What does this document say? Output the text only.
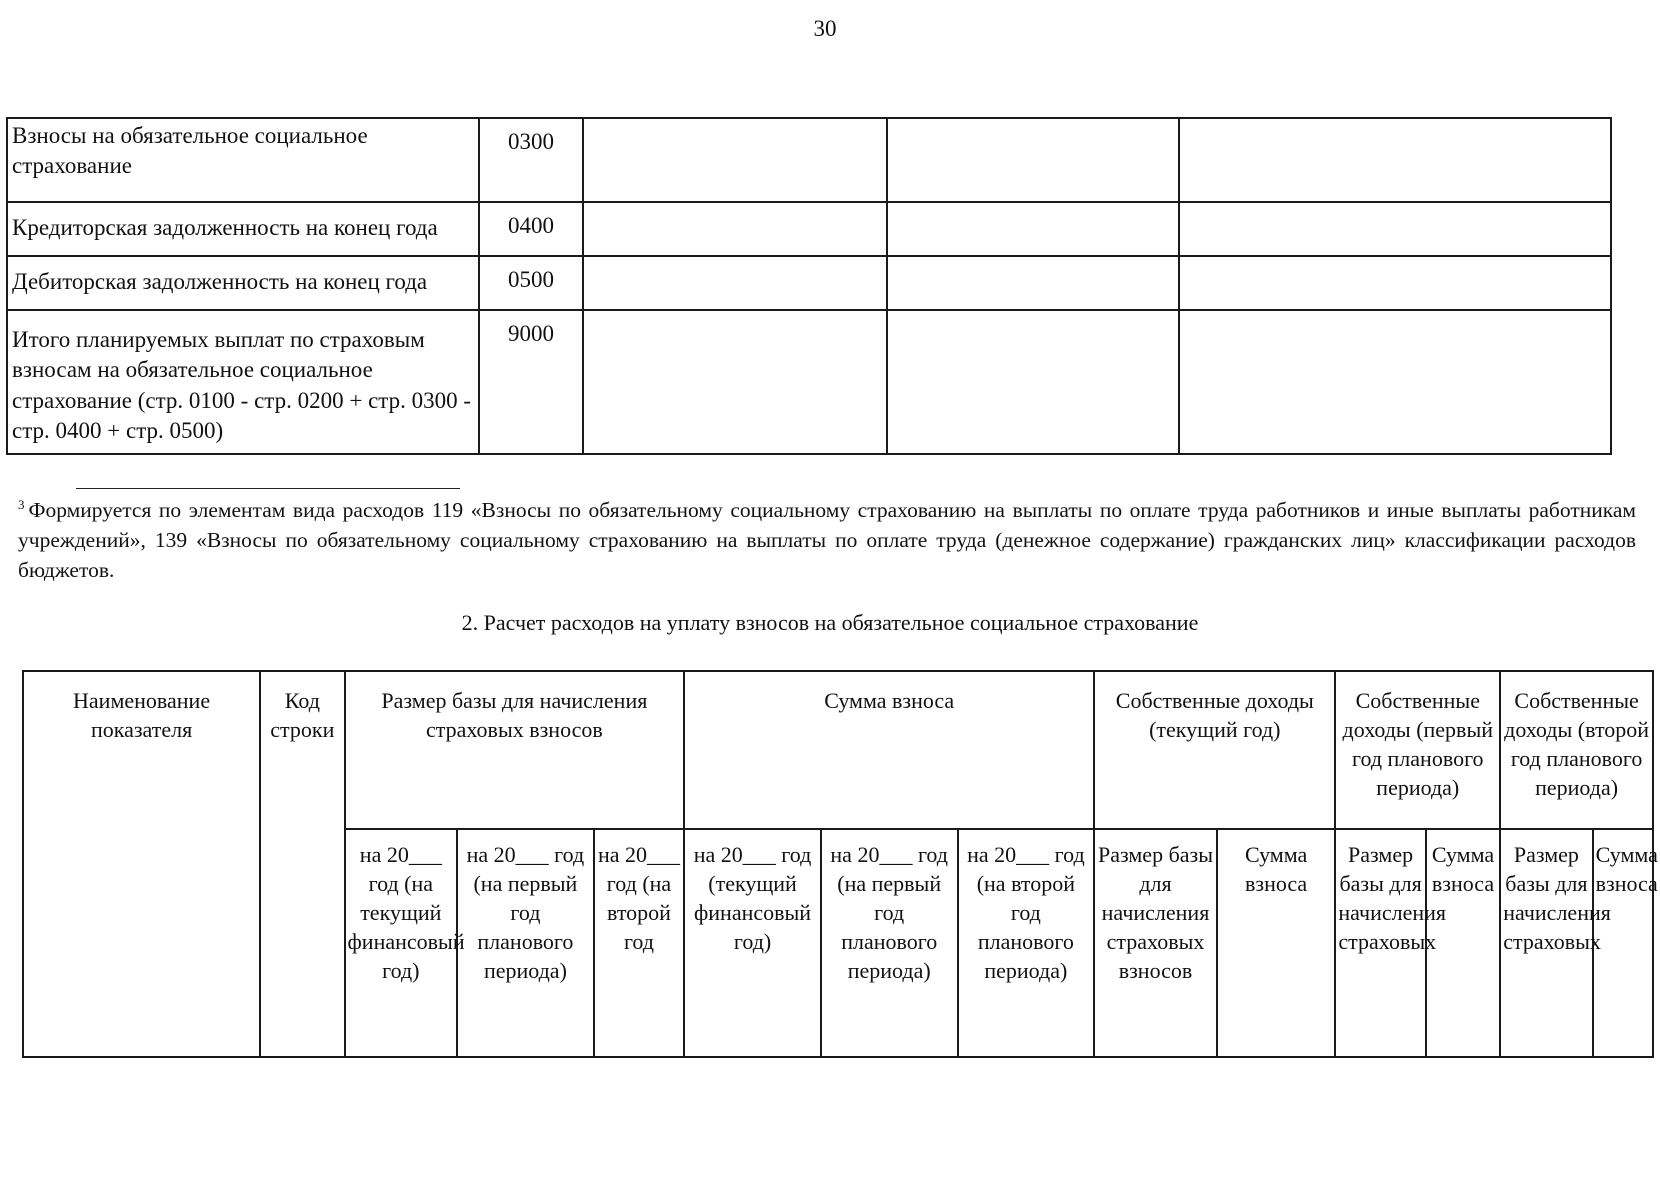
30
Взносы на обязательное социальное страхование	0300			
Кредиторская задолженность на конец года	0400			
Дебиторская задолженность на конец года	0500			
Итого планируемых выплат по страховым взносам на обязательное социальное страхование (стр. 0100 - стр. 0200 + стр. 0300 - стр. 0400 + стр. 0500)	9000			
$^3$ Формируется по элементам вида расходов 119 «Взносы по обязательному социальному страхованию на выплаты по оплате труда работников и иные выплаты работникам учреждений», 139 «Взносы по обязательному социальному страхованию на выплаты по оплате труда (денежное содержание) гражданских лиц» классификации расходов бюджетов.
2. Расчет расходов на уплату взносов на обязательное социальное страхование
Наименование показателя	Код строки	Размер базы для начисления страховых взносов			Сумма взноса			Собственные доходы (текущий год)		Собственные доходы (первый год планового периода)		Собственные доходы (второй год планового периода)	
		на 20___ год (на текущий финансовый год)	на 20___ год (на первый год планового периода)	на 20___ год (на второй год	на 20___ год (текущий финансовый год)	на 20___ год (на первый год планового периода)	на 20___ год (на второй год планового периода)	Размер базы для начисления страховых взносов	Сумма взноса	Размер базы для начисления страховых	Сумма взноса	Размер базы для начисления страховых	Сумма взноса
